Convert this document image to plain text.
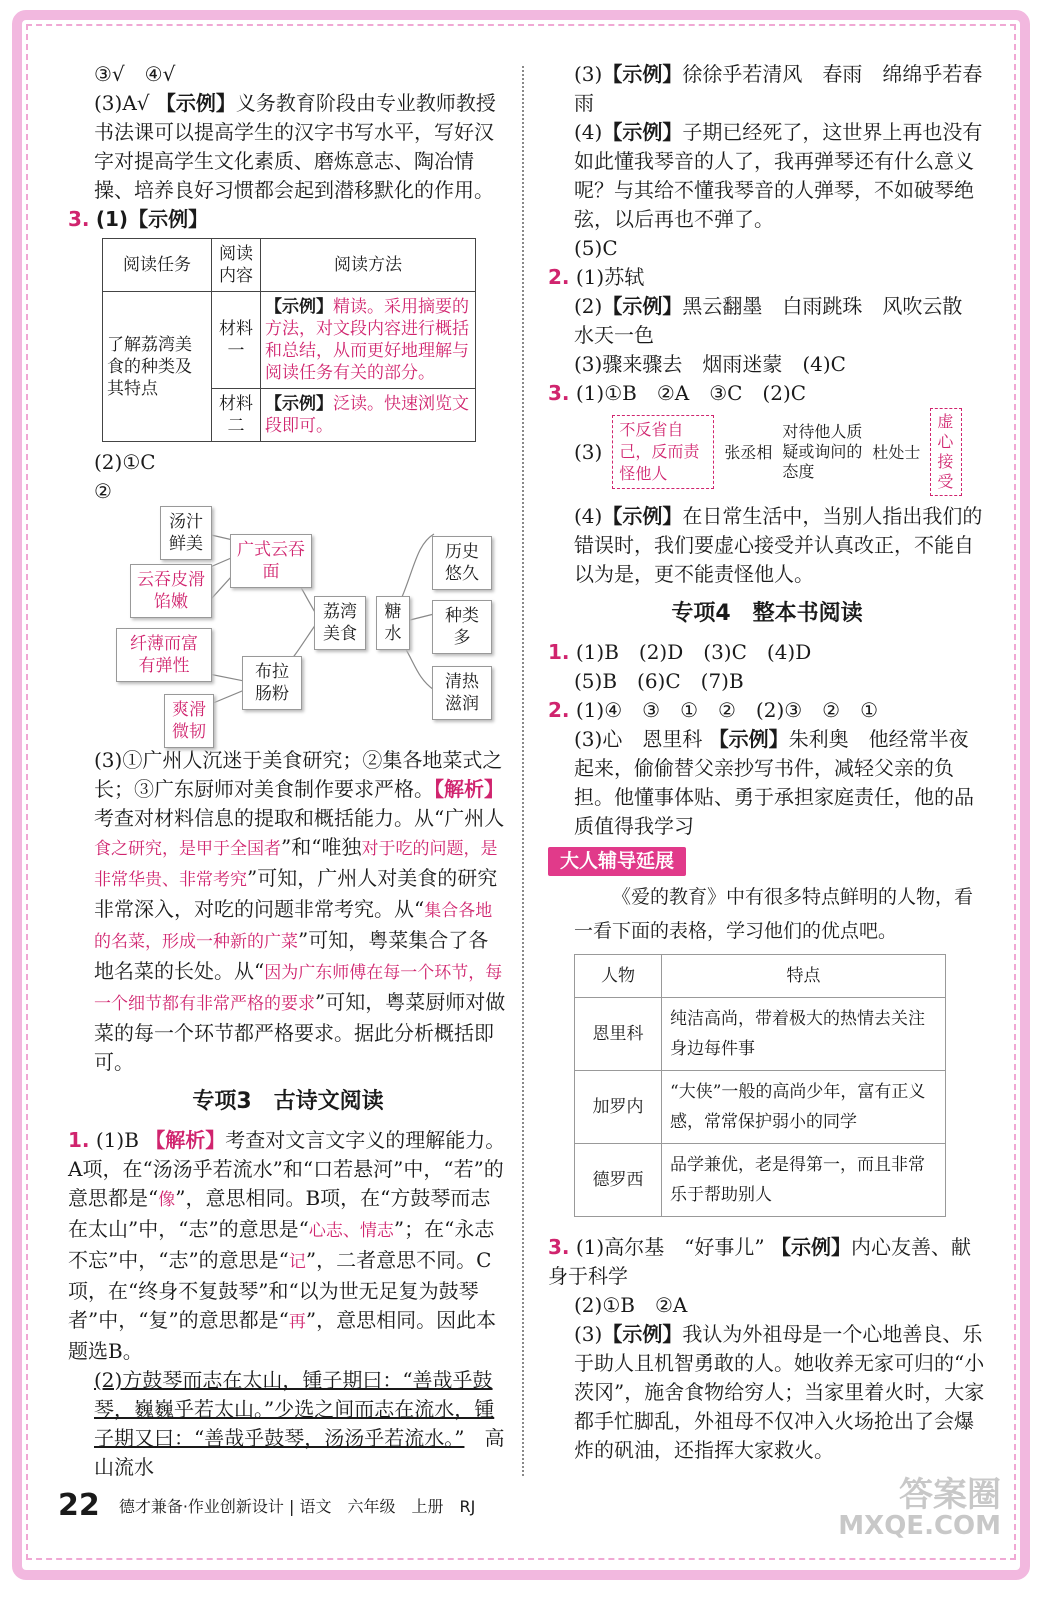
③√　④√

(3)A√ 【示例】义务教育阶段由专业教师教授书法课可以提高学生的汉字书写水平，写好汉字对提高学生文化素质、磨炼意志、陶冶情操、培养良好习惯都会起到潜移默化的作用。

3. (1)【示例】

阅读任务	阅读内容	阅读方法
了解荔湾美食的种类及其特点	材料一	【示例】精读。采用摘要的方法，对文段内容进行概括和总结，从而更好地理解与阅读任务有关的部分。
	材料二	【示例】泛读。快速浏览文段即可。

(2)①C

②

汤汁鲜美	广式云吞面
云吞皮滑馅嫩
纤薄而富有弹性	布拉肠粉
爽滑微韧
荔湾美食
糖水
历史悠久
种类多
清热滋润

(3)①广州人沉迷于美食研究；②集各地菜式之长；③广东厨师对美食制作要求严格。【解析】考查对材料信息的提取和概括能力。从“广州人食之研究，是甲于全国者”和“唯独对于吃的问题，是非常华贵、非常考究”可知，广州人对美食的研究非常深入，对吃的问题非常考究。从“集合各地的名菜，形成一种新的广菜”可知，粤菜集合了各地名菜的长处。从“因为广东师傅在每一个环节，每一个细节都有非常严格的要求”可知，粤菜厨师对做菜的每一个环节都严格要求。据此分析概括即可。

专项3　古诗文阅读

1. (1)B 【解析】考查对文言文字义的理解能力。A项，在“汤汤乎若流水”和“口若悬河”中，“若”的意思都是“像”，意思相同。B项，在“方鼓琴而志在太山”中，“志”的意思是“心志、情志”；在“永志不忘”中，“志”的意思是“记”，二者意思不同。C项，在“终身不复鼓琴”和“以为世无足复为鼓琴者”中，“复”的意思都是“再”，意思相同。因此本题选B。

(2)方鼓琴而志在太山，锺子期曰：“善哉乎鼓琴，巍巍乎若太山。”少选之间而志在流水，锺子期又曰：“善哉乎鼓琴，汤汤乎若流水。”　 高山流水

(3)【示例】徐徐乎若清风　春雨　绵绵乎若春雨

(4)【示例】子期已经死了，这世界上再也没有如此懂我琴音的人了，我再弹琴还有什么意义呢？与其给不懂我琴音的人弹琴，不如破琴绝弦，以后再也不弹了。

(5)C

2. (1)苏轼

(2)【示例】黑云翻墨　白雨跳珠　风吹云散　水天一色

(3)骤来骤去　烟雨迷蒙　(4)C

3. (1)①B　②A　③C　(2)C

(3)
不反省自己，反而责怪他人
张丞相
对待他人质疑或询问的态度
杜处士
虚心接受

(4)【示例】在日常生活中，当别人指出我们的错误时，我们要虚心接受并认真改正，不能自以为是，更不能责怪他人。

专项4　整本书阅读

1. (1)B　(2)D　(3)C　(4)D

(5)B　(6)C　(7)B

2. (1)④　③　①　②　(2)③　②　①

(3)心　恩里科 【示例】朱利奥　他经常半夜起来，偷偷替父亲抄写书件，减轻父亲的负担。他懂事体贴、勇于承担家庭责任，他的品质值得我学习

大人辅导延展

《爱的教育》中有很多特点鲜明的人物，看一看下面的表格，学习他们的优点吧。

人物	特点
恩里科	纯洁高尚，带着极大的热情去关注身边每件事
加罗内	“大侠”一般的高尚少年，富有正义感，常常保护弱小的同学
德罗西	品学兼优，老是得第一，而且非常乐于帮助别人

3. (1)高尔基　“好事儿” 【示例】内心友善、献身于科学

(2)①B　②A

(3)【示例】我认为外祖母是一个心地善良、乐于助人且机智勇敢的人。她收养无家可归的“小茨冈”，施舍食物给穷人；当家里着火时，大家都手忙脚乱，外祖母不仅冲入火场抢出了会爆炸的矾油，还指挥大家救火。

22 德才兼备·作业创新设计 | 语文　六年级　上册　RJ	答案圈
MXQE.COM
